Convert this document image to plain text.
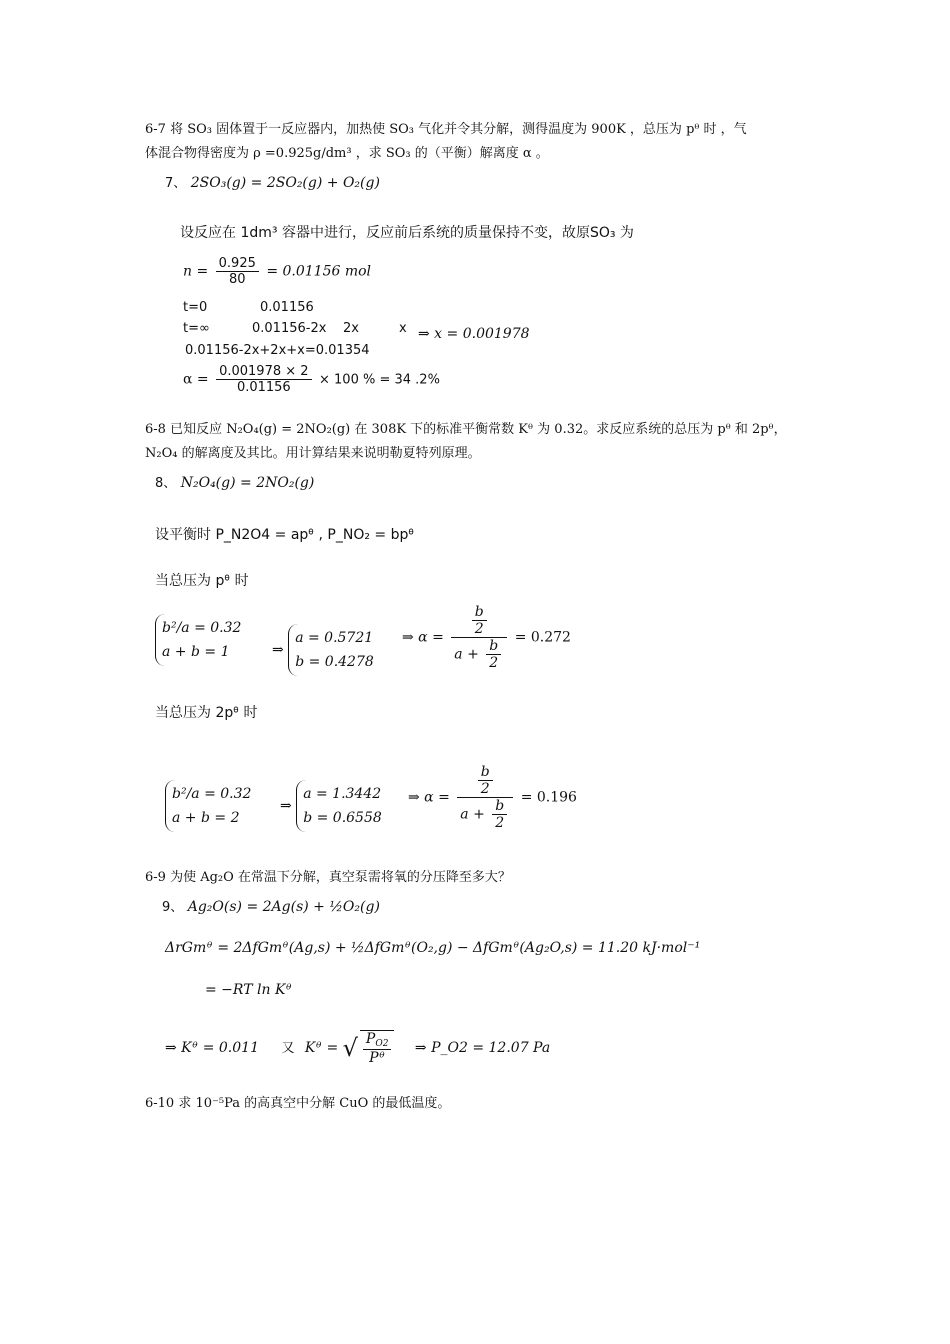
6-7 将 SO₃ 固体置于一反应器内，加热使 SO₃ 气化并令其分解，测得温度为 900K ，总压为 pᶿ 时 ，气
体混合物得密度为 ρ =0.925g/dm³ ，求 SO₃ 的（平衡）解离度 α 。
7、 2SO₃(g) = 2SO₂(g) + O₂(g)
设反应在 1dm³ 容器中进行，反应前后系统的质量保持不变，故原SO₃ 为
$n = \frac{0.925}{80} = 0.01156$ mol
t=0	0.01156
t=∞	0.01156-2x 2x	x ⇒ x = 0.001978
0.01156-2x+2x+x=0.01354
$\alpha = \frac{0.001978 \times 2}{0.01156} \times 100$ % = 34 .2%
6-8 已知反应 N₂O₄(g) = 2NO₂(g) 在 308K 下的标准平衡常数 Kᶿ 为 0.32。求反应系统的总压为 pᶿ 和 2pᶿ，
N₂O₄ 的解离度及其比。用计算结果来说明勒夏特列原理。
8、 N₂O₄(g) = 2NO₂(g)
设平衡时 P_N2O4 = apᶿ , P_NO₂ = bpᶿ
当总压为 pᶿ 时
b²/a = 0.32
a + b = 1	⇒
a = 0.5721
b = 0.4278
⇒ $\alpha = \frac{\frac{b}{2}}{a + \frac{b}{2}} = 0.272$
当总压为 2pᶿ 时
b²/a = 0.32
a + b = 2
⇒
a = 1.3442
b = 0.6558
⇒ $\alpha = \frac{\frac{b}{2}}{a + \frac{b}{2}} = 0.196$
6-9 为使 Ag₂O 在常温下分解，真空泵需将氧的分压降至多大？
9、 Ag₂O(s) = 2Ag(s) + ½O₂(g)
ΔrGmᶿ = 2ΔfGmᶿ(Ag,s) + ½ΔfGmᶿ(O₂,g) − ΔfGmᶿ(Ag₂O,s) = 11.20 kJ·mol⁻¹
= −RT ln Kᶿ
⇒ Kᶿ = 0.011 又 Kᶿ = √ $\frac{P_{O2}}{\text{Pᶿ}}$ ⇒ P_O2 = 12.07 Pa
6-10 求 10⁻⁵Pa 的高真空中分解 CuO 的最低温度。
